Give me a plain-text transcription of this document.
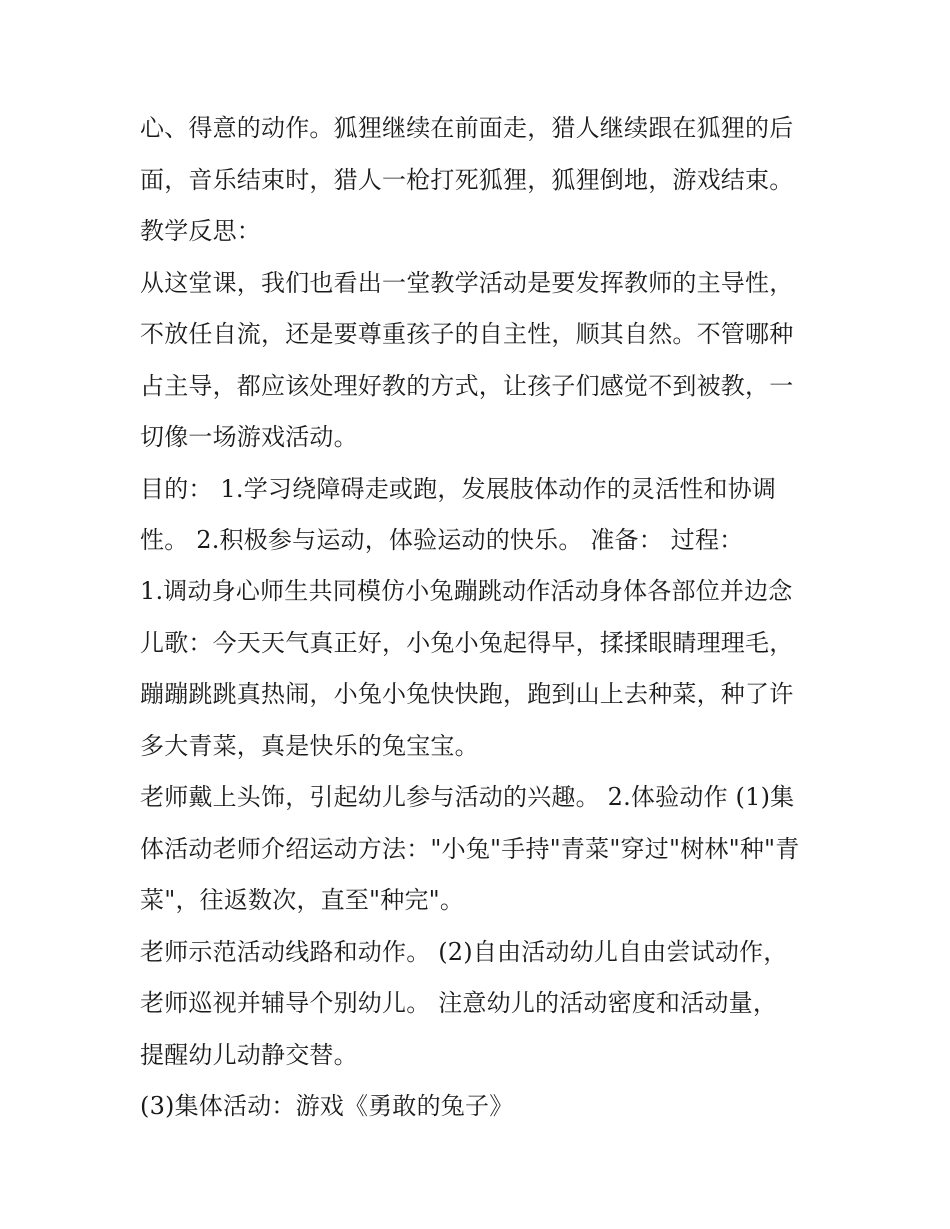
心、得意的动作。狐狸继续在前面走，猎人继续跟在狐狸的后
面，音乐结束时，猎人一枪打死狐狸，狐狸倒地，游戏结束。
教学反思：
从这堂课，我们也看出一堂教学活动是要发挥教师的主导性，
不放任自流，还是要尊重孩子的自主性，顺其自然。不管哪种
占主导，都应该处理好教的方式，让孩子们感觉不到被教，一
切像一场游戏活动。
目的： 1.学习绕障碍走或跑，发展肢体动作的灵活性和协调
性。 2.积极参与运动，体验运动的快乐。 准备： 过程：
1.调动身心师生共同模仿小兔蹦跳动作活动身体各部位并边念
儿歌：今天天气真正好，小兔小兔起得早，揉揉眼睛理理毛，
蹦蹦跳跳真热闹，小兔小兔快快跑，跑到山上去种菜，种了许
多大青菜，真是快乐的兔宝宝。
老师戴上头饰，引起幼儿参与活动的兴趣。 2.体验动作 (1)集
体活动老师介绍运动方法："小兔"手持"青菜"穿过"树林"种"青
菜"，往返数次，直至"种完"。
老师示范活动线路和动作。 (2)自由活动幼儿自由尝试动作，
老师巡视并辅导个别幼儿。 注意幼儿的活动密度和活动量，
提醒幼儿动静交替。
(3)集体活动：游戏《勇敢的兔子》
